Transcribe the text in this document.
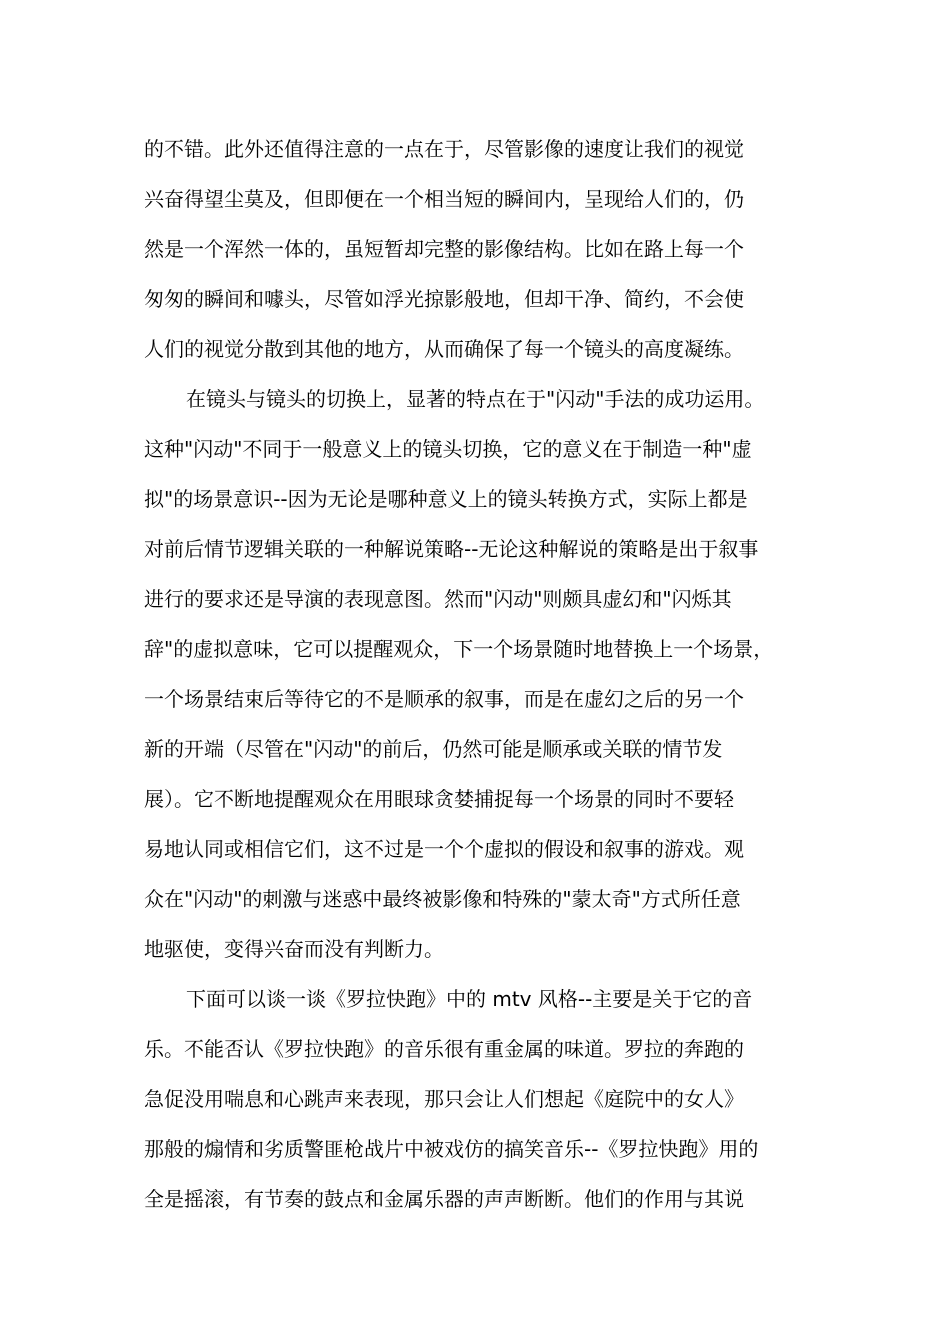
的不错。此外还值得注意的一点在于，尽管影像的速度让我们的视觉
兴奋得望尘莫及，但即便在一个相当短的瞬间内，呈现给人们的，仍
然是一个浑然一体的，虽短暂却完整的影像结构。比如在路上每一个
匆匆的瞬间和噱头，尽管如浮光掠影般地，但却干净、简约，不会使
人们的视觉分散到其他的地方，从而确保了每一个镜头的高度凝练。
在镜头与镜头的切换上，显著的特点在于"闪动"手法的成功运用。
这种"闪动"不同于一般意义上的镜头切换，它的意义在于制造一种"虚
拟"的场景意识--因为无论是哪种意义上的镜头转换方式，实际上都是
对前后情节逻辑关联的一种解说策略--无论这种解说的策略是出于叙事
进行的要求还是导演的表现意图。然而"闪动"则颇具虚幻和"闪烁其
辞"的虚拟意味，它可以提醒观众，下一个场景随时地替换上一个场景，
一个场景结束后等待它的不是顺承的叙事，而是在虚幻之后的另一个
新的开端（尽管在"闪动"的前后，仍然可能是顺承或关联的情节发
展）。它不断地提醒观众在用眼球贪婪捕捉每一个场景的同时不要轻
易地认同或相信它们，这不过是一个个虚拟的假设和叙事的游戏。观
众在"闪动"的刺激与迷惑中最终被影像和特殊的"蒙太奇"方式所任意
地驱使，变得兴奋而没有判断力。
下面可以谈一谈《罗拉快跑》中的 mtv 风格--主要是关于它的音
乐。不能否认《罗拉快跑》的音乐很有重金属的味道。罗拉的奔跑的
急促没用喘息和心跳声来表现，那只会让人们想起《庭院中的女人》
那般的煽情和劣质警匪枪战片中被戏仿的搞笑音乐--《罗拉快跑》用的
全是摇滚，有节奏的鼓点和金属乐器的声声断断。他们的作用与其说
